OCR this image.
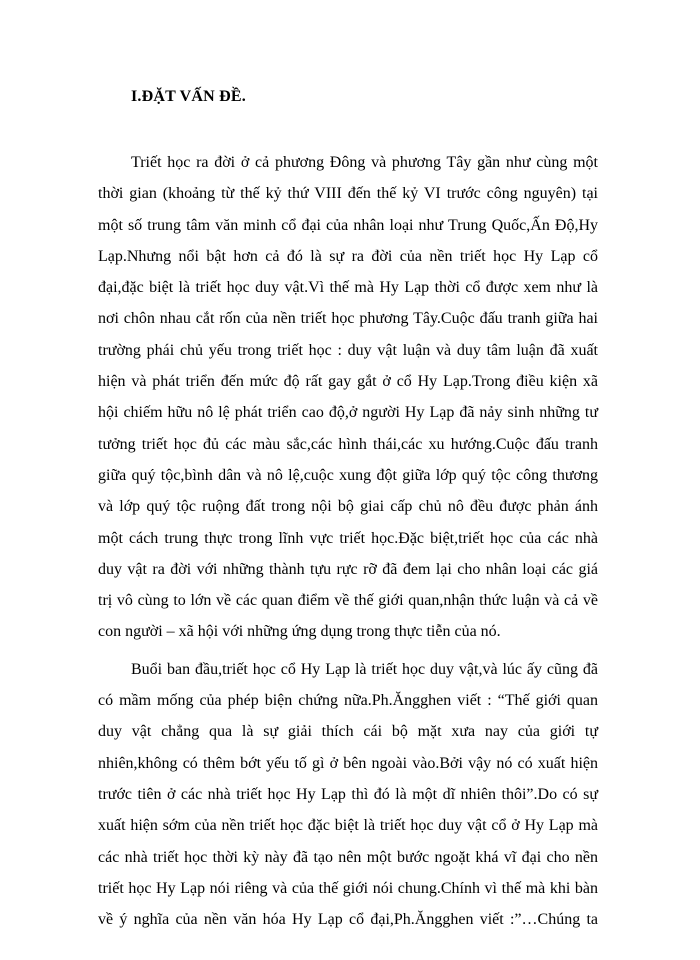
I.ĐẶT VẤN ĐỀ.
Triết học ra đời ở cả phương Đông và phương Tây gần như cùng một
thời gian (khoảng từ thế kỷ thứ VIII đến thế kỷ VI trước công nguyên) tại
một số trung tâm văn minh cổ đại của nhân loại như Trung Quốc,Ấn Độ,Hy
Lạp.Nhưng nổi bật hơn cả đó là sự ra đời của nền triết học Hy Lạp cổ
đại,đặc biệt là triết học duy vật.Vì thế mà Hy Lạp thời cổ được xem như là
nơi chôn nhau cắt rốn của nền triết học phương Tây.Cuộc đấu tranh giữa hai
trường phái chủ yếu trong triết học : duy vật luận và duy tâm luận đã xuất
hiện và phát triển đến mức độ rất gay gắt ở cổ Hy Lạp.Trong điều kiện xã
hội chiếm hữu nô lệ phát triển cao độ,ở người Hy Lạp đã nảy sinh những tư
tưởng triết học đủ các màu sắc,các hình thái,các xu hướng.Cuộc đấu tranh
giữa quý tộc,bình dân và nô lệ,cuộc xung đột giữa lớp quý tộc công thương
và lớp quý tộc ruộng đất trong nội bộ giai cấp chủ nô đều được phản ánh
một cách trung thực trong lĩnh vực triết học.Đặc biệt,triết học của các nhà
duy vật ra đời với những thành tựu rực rỡ đã đem lại cho nhân loại các giá
trị vô cùng to lớn về các quan điểm về thế giới quan,nhận thức luận và cả về
con người – xã hội với những ứng dụng trong thực tiễn của nó.
Buổi ban đầu,triết học cổ Hy Lạp là triết học duy vật,và lúc ấy cũng đã
có mầm mống của phép biện chứng nữa.Ph.Ăngghen viết : “Thế giới quan
duy vật chẳng qua là sự giải thích cái bộ mặt xưa nay của giới tự
nhiên,không có thêm bớt yếu tố gì ở bên ngoài vào.Bởi vậy nó có xuất hiện
trước tiên ở các nhà triết học Hy Lạp thì đó là một dĩ nhiên thôi”.Do có sự
xuất hiện sớm của nền triết học đặc biệt là triết học duy vật cổ ở Hy Lạp mà
các nhà triết học thời kỳ này đã tạo nên một bước ngoặt khá vĩ đại cho nền
triết học Hy Lạp nói riêng và của thế giới nói chung.Chính vì thế mà khi bàn
về ý nghĩa của nền văn hóa Hy Lạp cổ đại,Ph.Ăngghen viết :”…Chúng ta
